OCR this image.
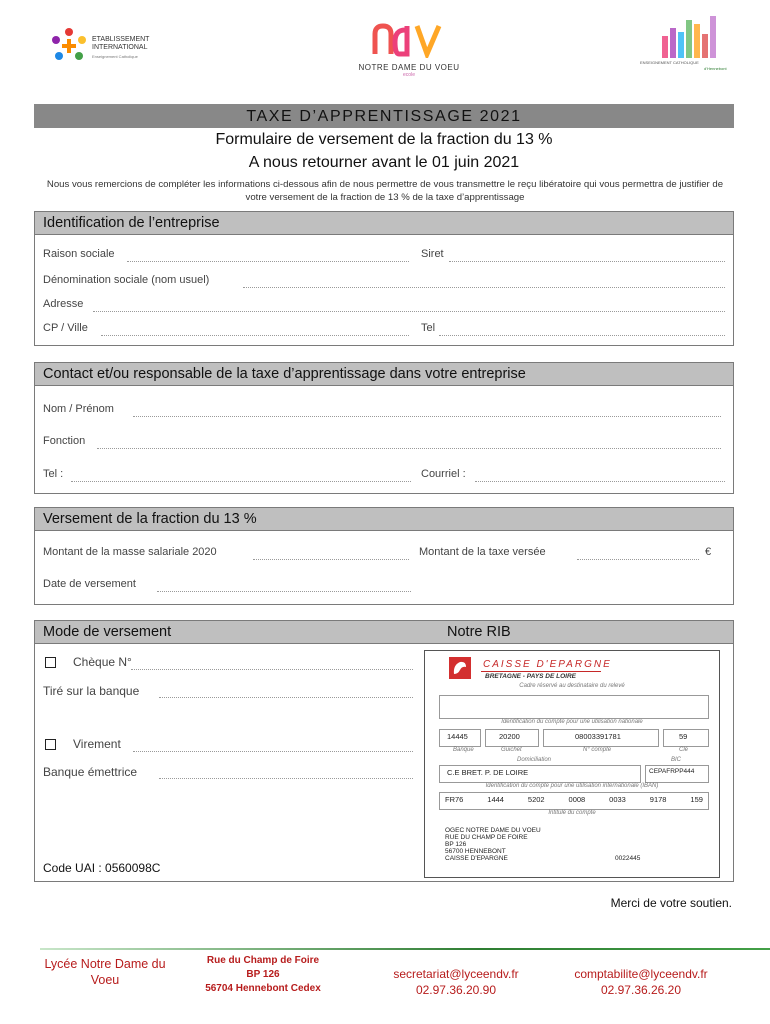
ETABLISSEMENT INTERNATIONAL
Enseignement Catholique
NOTRE DAME DU VOEU
ecole
ENSEIGNEMENT CATHOLIQUE
d'Hennebont
TAXE D’APPRENTISSAGE 2021
Formulaire de versement de la fraction du 13 %
A nous retourner avant le 01 juin 2021
Nous vous remercions de compléter les informations ci-dessous afin de nous permettre de vous transmettre le reçu libératoire qui vous permettra de justifier de votre versement de la fraction de 13 % de la taxe d’apprentissage
Identification de l’entreprise
Raison sociale	Siret
Dénomination sociale (nom usuel)
Adresse
CP / Ville	Tel
Contact et/ou responsable de la taxe d’apprentissage dans votre entreprise
Nom / Prénom
Fonction
Tel :	Courriel :
Versement de la fraction du 13 %
Montant de la masse salariale 2020	Montant de la taxe versée	€
Date de versement
Mode de versement	Notre RIB
Chèque N°
Tiré sur la banque
Virement
Banque émettrice
Code UAI : 0560098C
CAISSE D'EPARGNE
BRETAGNE - PAYS DE LOIRE
Cadre réservé au destinataire du relevé
Identification du compte pour une utilisation nationale
14445	20200	08003391781	59
Banque	Guichet	N° compte	Clé
Domiciliation	BIC
C.E BRET. P. DE LOIRE	CEPAFRPP444
Identification du compte pour une utilisation internationale (IBAN)
FR76	1444	5202	0008	0033	9178	159
Intitulé du compte
OGEC NOTRE DAME DU VOEU
RUE DU CHAMP DE FOIRE
BP 126
56700 HENNEBONT
CAISSE D'EPARGNE	0022445
Merci de votre soutien.
Lycée Notre Dame du
Voeu
Rue du Champ de Foire
BP 126
56704 Hennebont Cedex
secretariat@lyceendv.fr
02.97.36.20.90
comptabilite@lyceendv.fr
02.97.36.26.20
